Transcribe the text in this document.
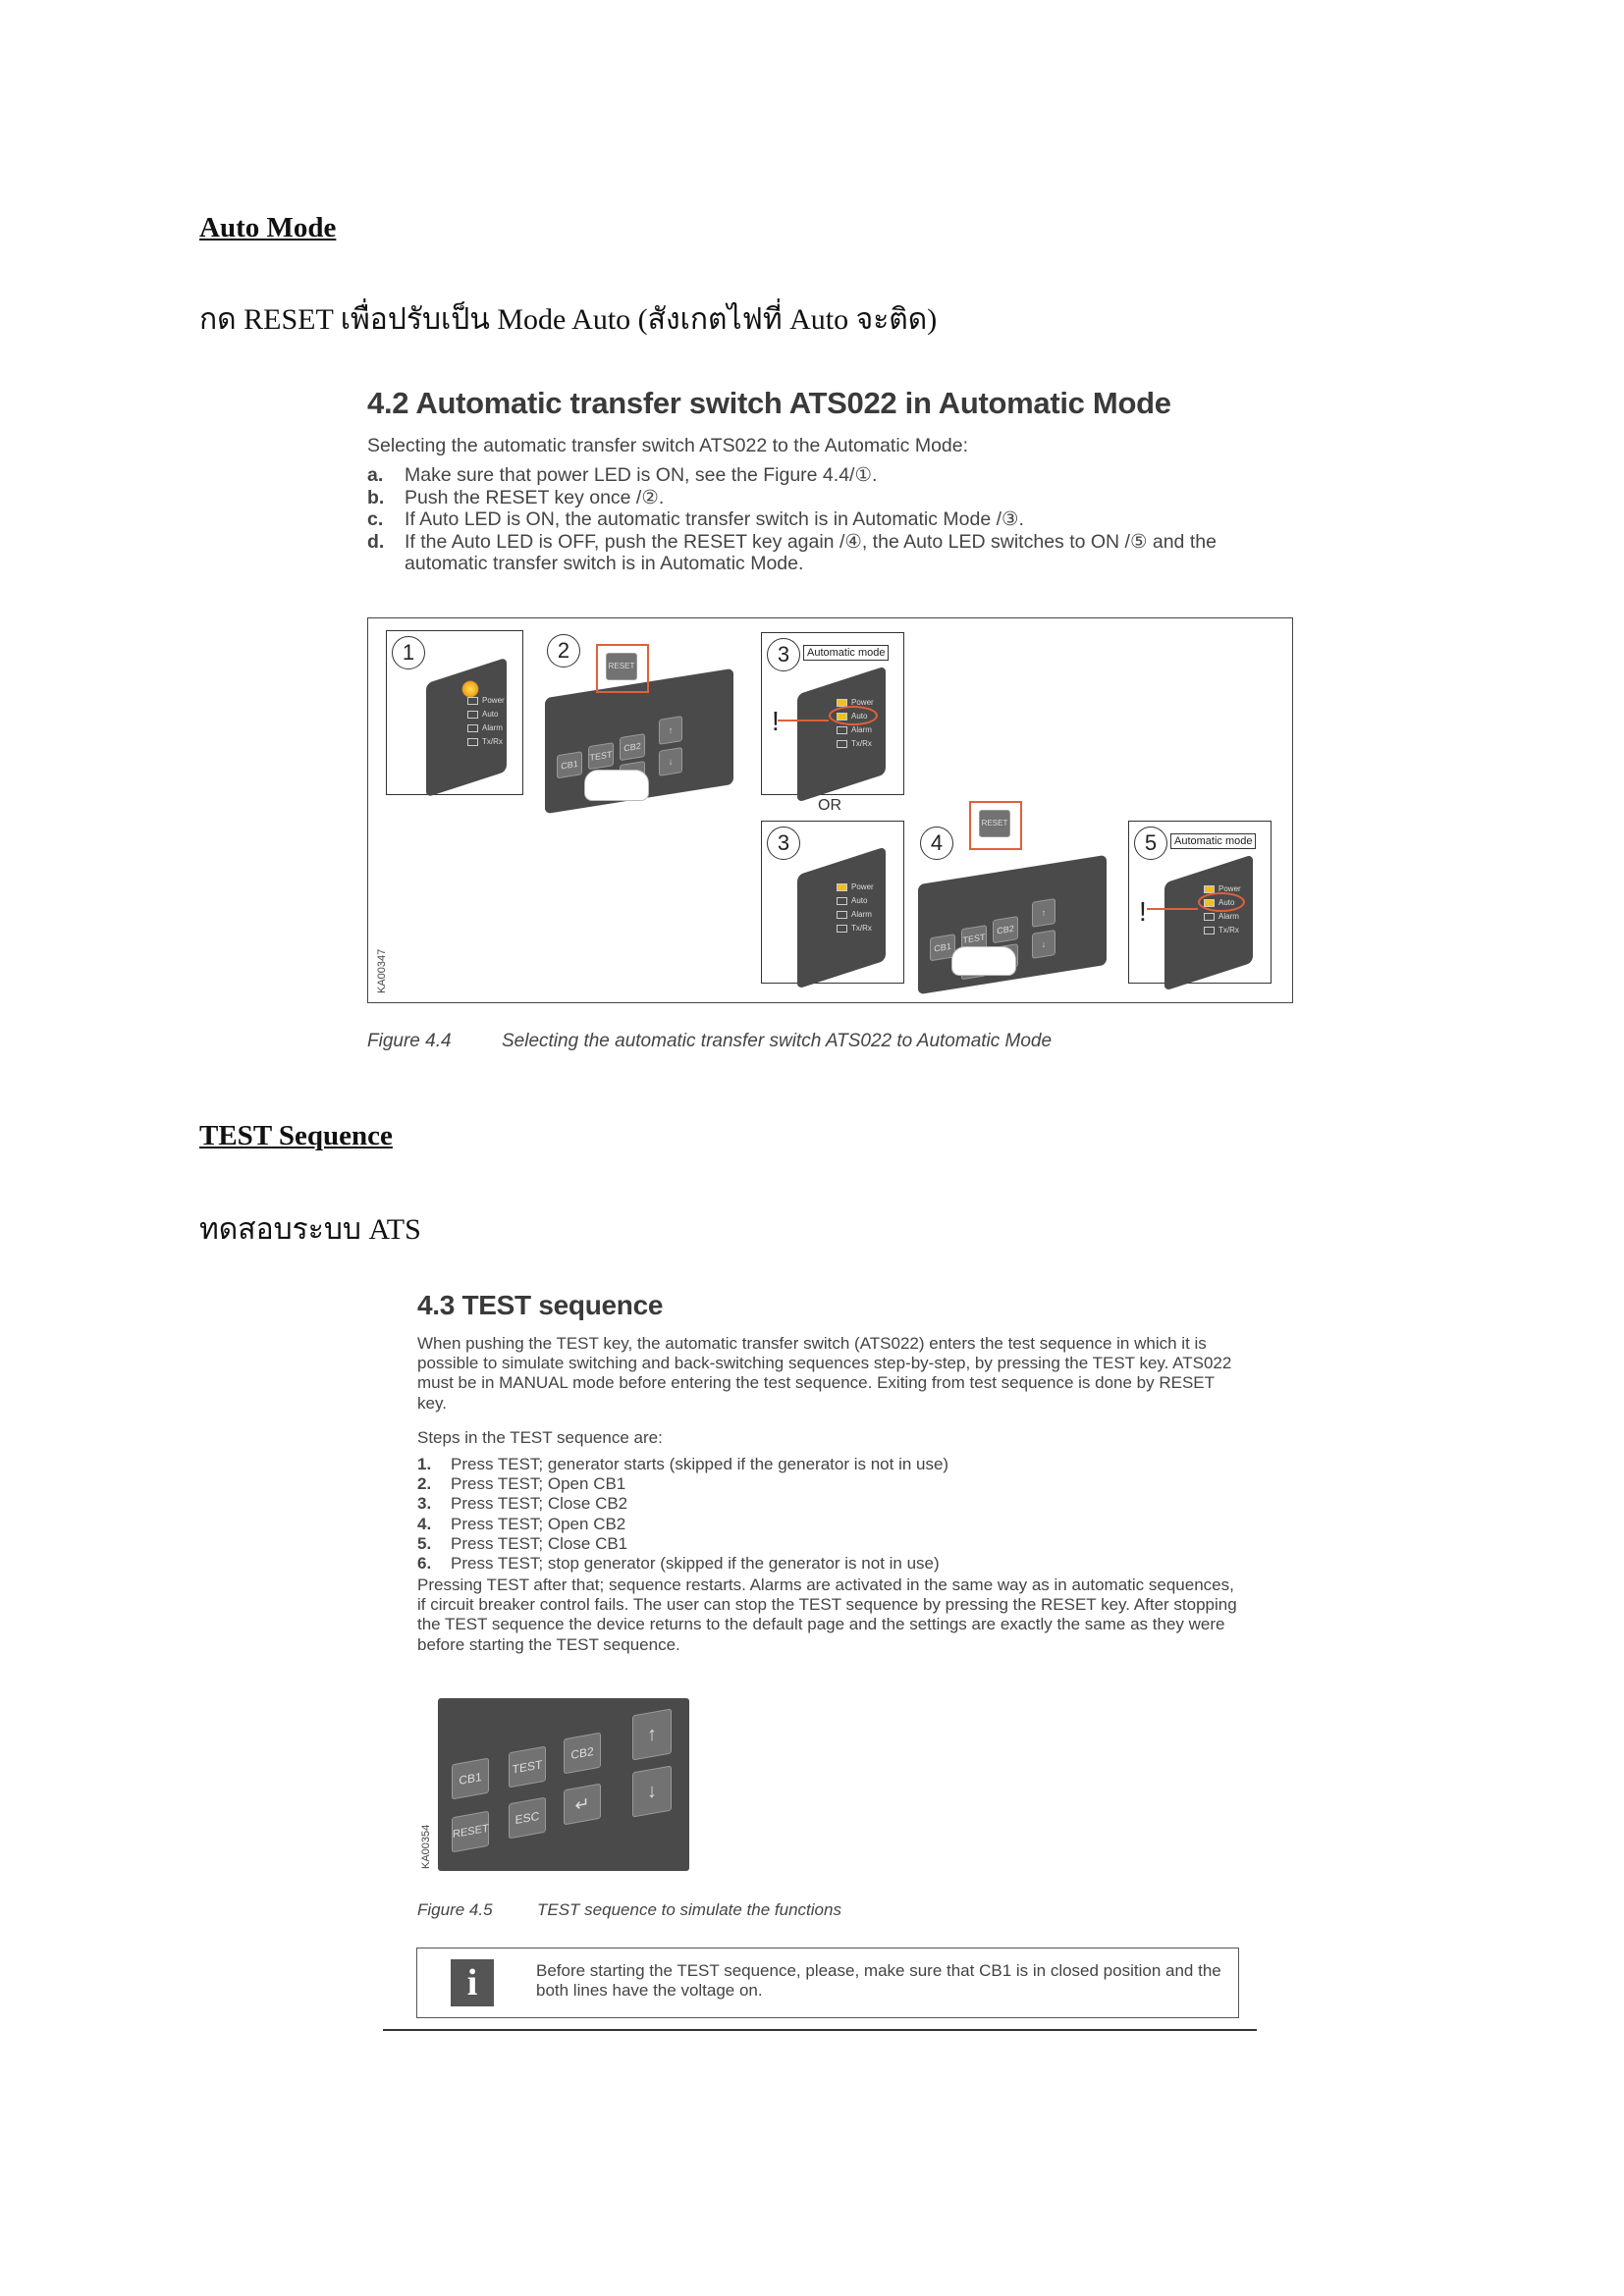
Auto Mode
กด RESET เพื่อปรับเป็น Mode Auto (สังเกตไฟที่ Auto จะติด)
4.2 Automatic transfer switch ATS022 in Automatic Mode
Selecting the automatic transfer switch ATS022 to the Automatic Mode:
a. Make sure that power LED is ON, see the Figure 4.4/①.
b. Push the RESET key once /②.
c. If Auto LED is ON, the automatic transfer switch is in Automatic Mode /③.
d. If the Auto LED is OFF, push the RESET key again /④, the Auto LED switches to ON /⑤ and the automatic transfer switch is in Automatic Mode.
KA00347
1
Power
Auto
Alarm
Tx/Rx
2
CB1
TEST
CB2
↑
↓
RESET	3	Automatic mode
Power
Auto
Alarm
Tx/Rx
!
OR
3
Power
Auto
Alarm
Tx/Rx
4
CB1
TEST
CB2
↑
↓
RESET
5	Automatic mode
Power
Auto
Alarm
Tx/Rx
!
Figure 4.4	Selecting the automatic transfer switch ATS022 to Automatic Mode
TEST Sequence
ทดสอบระบบ ATS
4.3 TEST sequence
When pushing the TEST key, the automatic transfer switch (ATS022) enters the test sequence in which it is possible to simulate switching and back-switching sequences step-by-step, by pressing the TEST key. ATS022 must be in MANUAL mode before entering the test sequence. Exiting from test sequence is done by RESET key.
Steps in the TEST sequence are:
1. Press TEST; generator starts (skipped if the generator is not in use)
2. Press TEST; Open CB1
3. Press TEST; Close CB2
4. Press TEST; Open CB2
5. Press TEST; Close CB1
6. Press TEST; stop generator (skipped if the generator is not in use)
Pressing TEST after that; sequence restarts. Alarms are activated in the same way as in automatic sequences, if circuit breaker control fails. The user can stop the TEST sequence by pressing the RESET key. After stopping the TEST sequence the device returns to the default page and the settings are exactly the same as they were before starting the TEST sequence.
KA00354
CB1
TEST
CB2
↑
RESET
ESC
↵
↓
Figure 4.5	TEST sequence to simulate the functions
i	Before starting the TEST sequence, please, make sure that CB1 is in closed position and the both lines have the voltage on.
